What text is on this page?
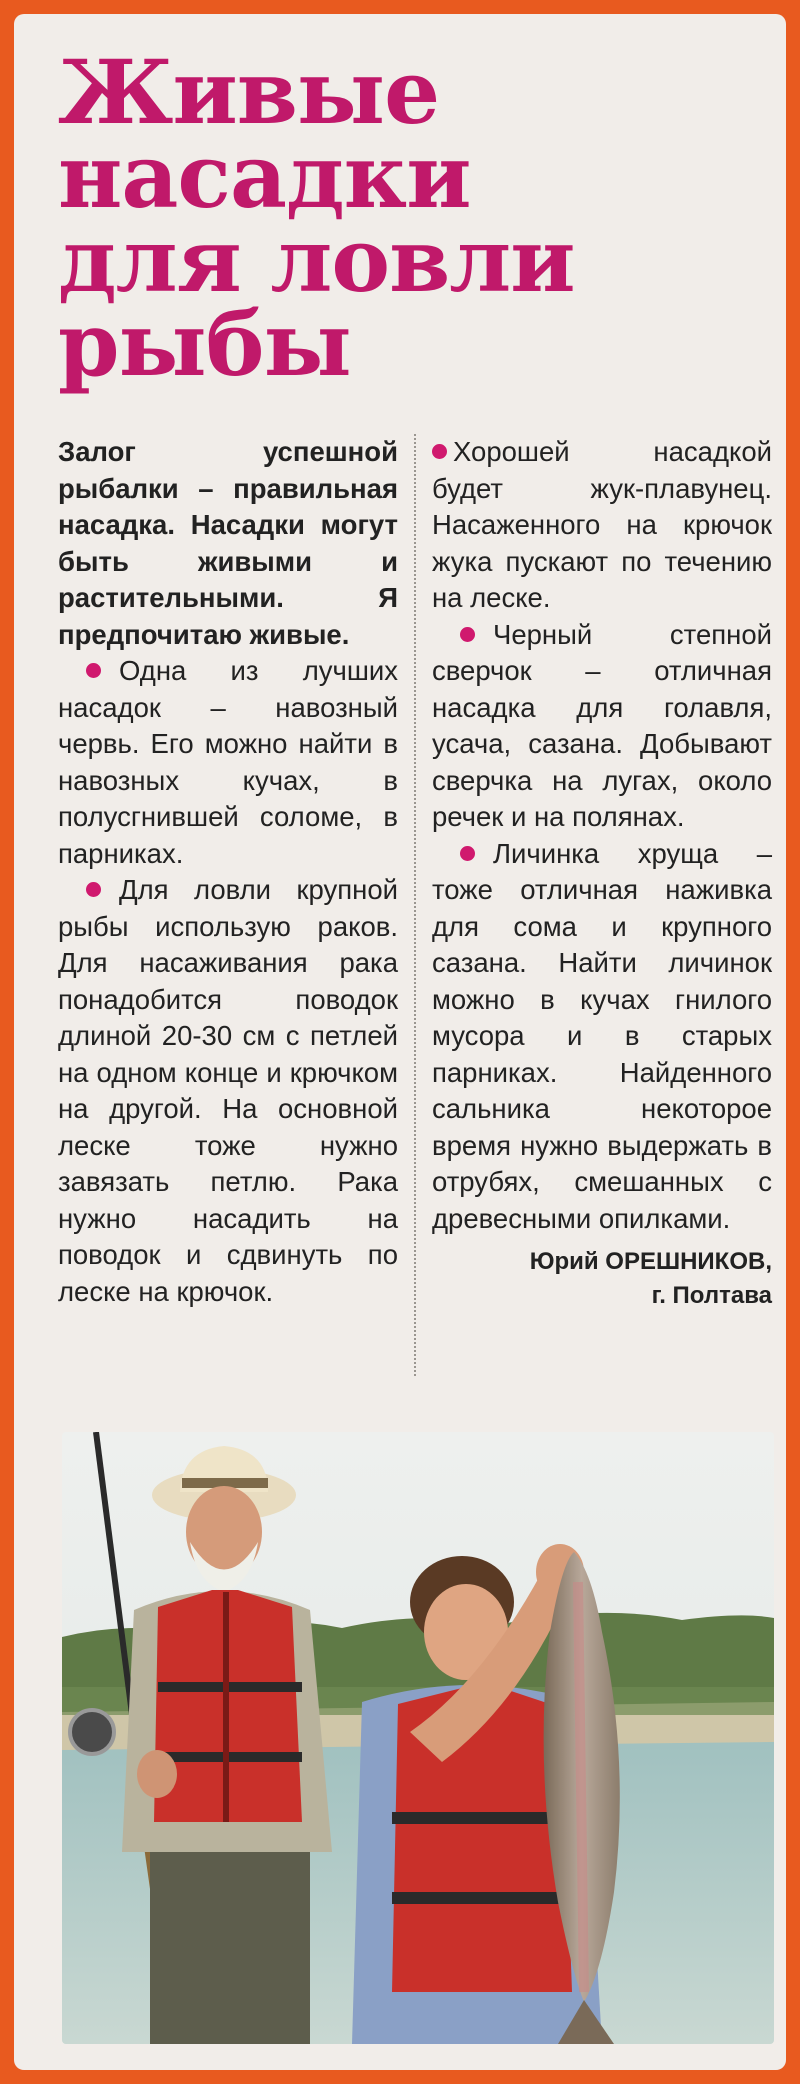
Живые
насадки
для ловли
рыбы

Залог успешной рыбалки – правильная насадка. Насадки могут быть живыми и растительными. Я предпочитаю живые.

Одна из лучших насадок – навозный червь. Его можно найти в навозных кучах, в полусгнившей соломе, в парниках.

Для ловли крупной рыбы использую раков. Для насаживания рака понадобится поводок длиной 20-30 см с петлей на одном конце и крючком на другой. На основной леске тоже нужно завязать петлю. Рака нужно насадить на поводок и сдвинуть по леске на крючок.

Хорошей насадкой будет жук-плавунец. Насаженного на крючок жука пускают по течению на леске.

Черный степной сверчок – отличная насадка для голавля, усача, сазана. Добывают сверчка на лугах, около речек и на полянах.

Личинка хруща – тоже отличная наживка для сома и крупного сазана. Найти личинок можно в кучах гнилого мусора и в старых парниках. Найденного сальника некоторое время нужно выдержать в отрубях, смешанных с древесными опилками.

Юрий ОРЕШНИКОВ,
г. Полтава
